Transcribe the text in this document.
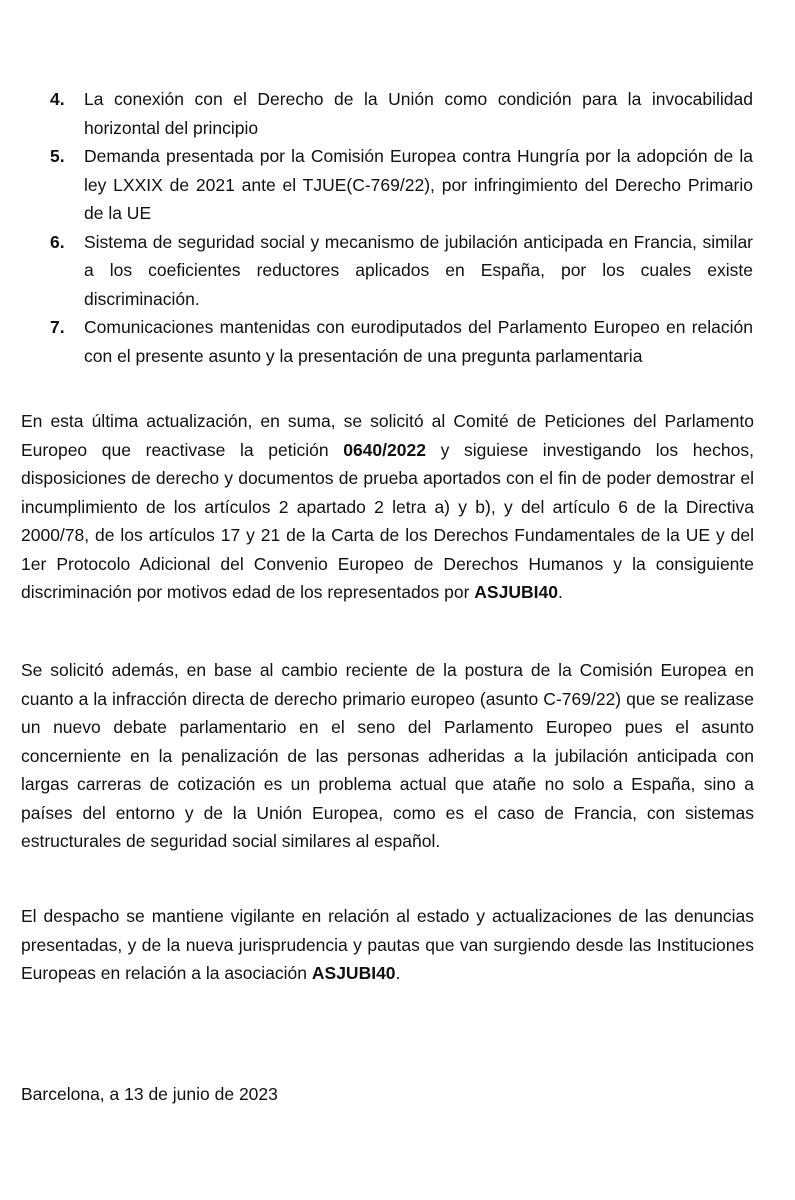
4. La conexión con el Derecho de la Unión como condición para la invocabilidad horizontal del principio
5. Demanda presentada por la Comisión Europea contra Hungría por la adopción de la ley LXXIX de 2021 ante el TJUE(C-769/22), por infringimiento del Derecho Primario de la UE
6. Sistema de seguridad social y mecanismo de jubilación anticipada en Francia, similar a los coeficientes reductores aplicados en España, por los cuales existe discriminación.
7. Comunicaciones mantenidas con eurodiputados del Parlamento Europeo en relación con el presente asunto y la presentación de una pregunta parlamentaria

En esta última actualización, en suma, se solicitó al Comité de Peticiones del Parlamento Europeo que reactivase la petición 0640/2022 y siguiese investigando los hechos, disposiciones de derecho y documentos de prueba aportados con el fin de poder demostrar el incumplimiento de los artículos 2 apartado 2 letra a) y b), y del artículo 6 de la Directiva 2000/78, de los artículos 17 y 21 de la Carta de los Derechos Fundamentales de la UE y del 1er Protocolo Adicional del Convenio Europeo de Derechos Humanos y la consiguiente discriminación por motivos edad de los representados por ASJUBI40.

Se solicitó además, en base al cambio reciente de la postura de la Comisión Europea en cuanto a la infracción directa de derecho primario europeo (asunto C-769/22) que se realizase un nuevo debate parlamentario en el seno del Parlamento Europeo pues el asunto concerniente en la penalización de las personas adheridas a la jubilación anticipada con largas carreras de cotización es un problema actual que atañe no solo a España, sino a países del entorno y de la Unión Europea, como es el caso de Francia, con sistemas estructurales de seguridad social similares al español.

El despacho se mantiene vigilante en relación al estado y actualizaciones de las denuncias presentadas, y de la nueva jurisprudencia y pautas que van surgiendo desde las Instituciones Europeas en relación a la asociación ASJUBI40.

Barcelona, a 13 de junio de 2023
